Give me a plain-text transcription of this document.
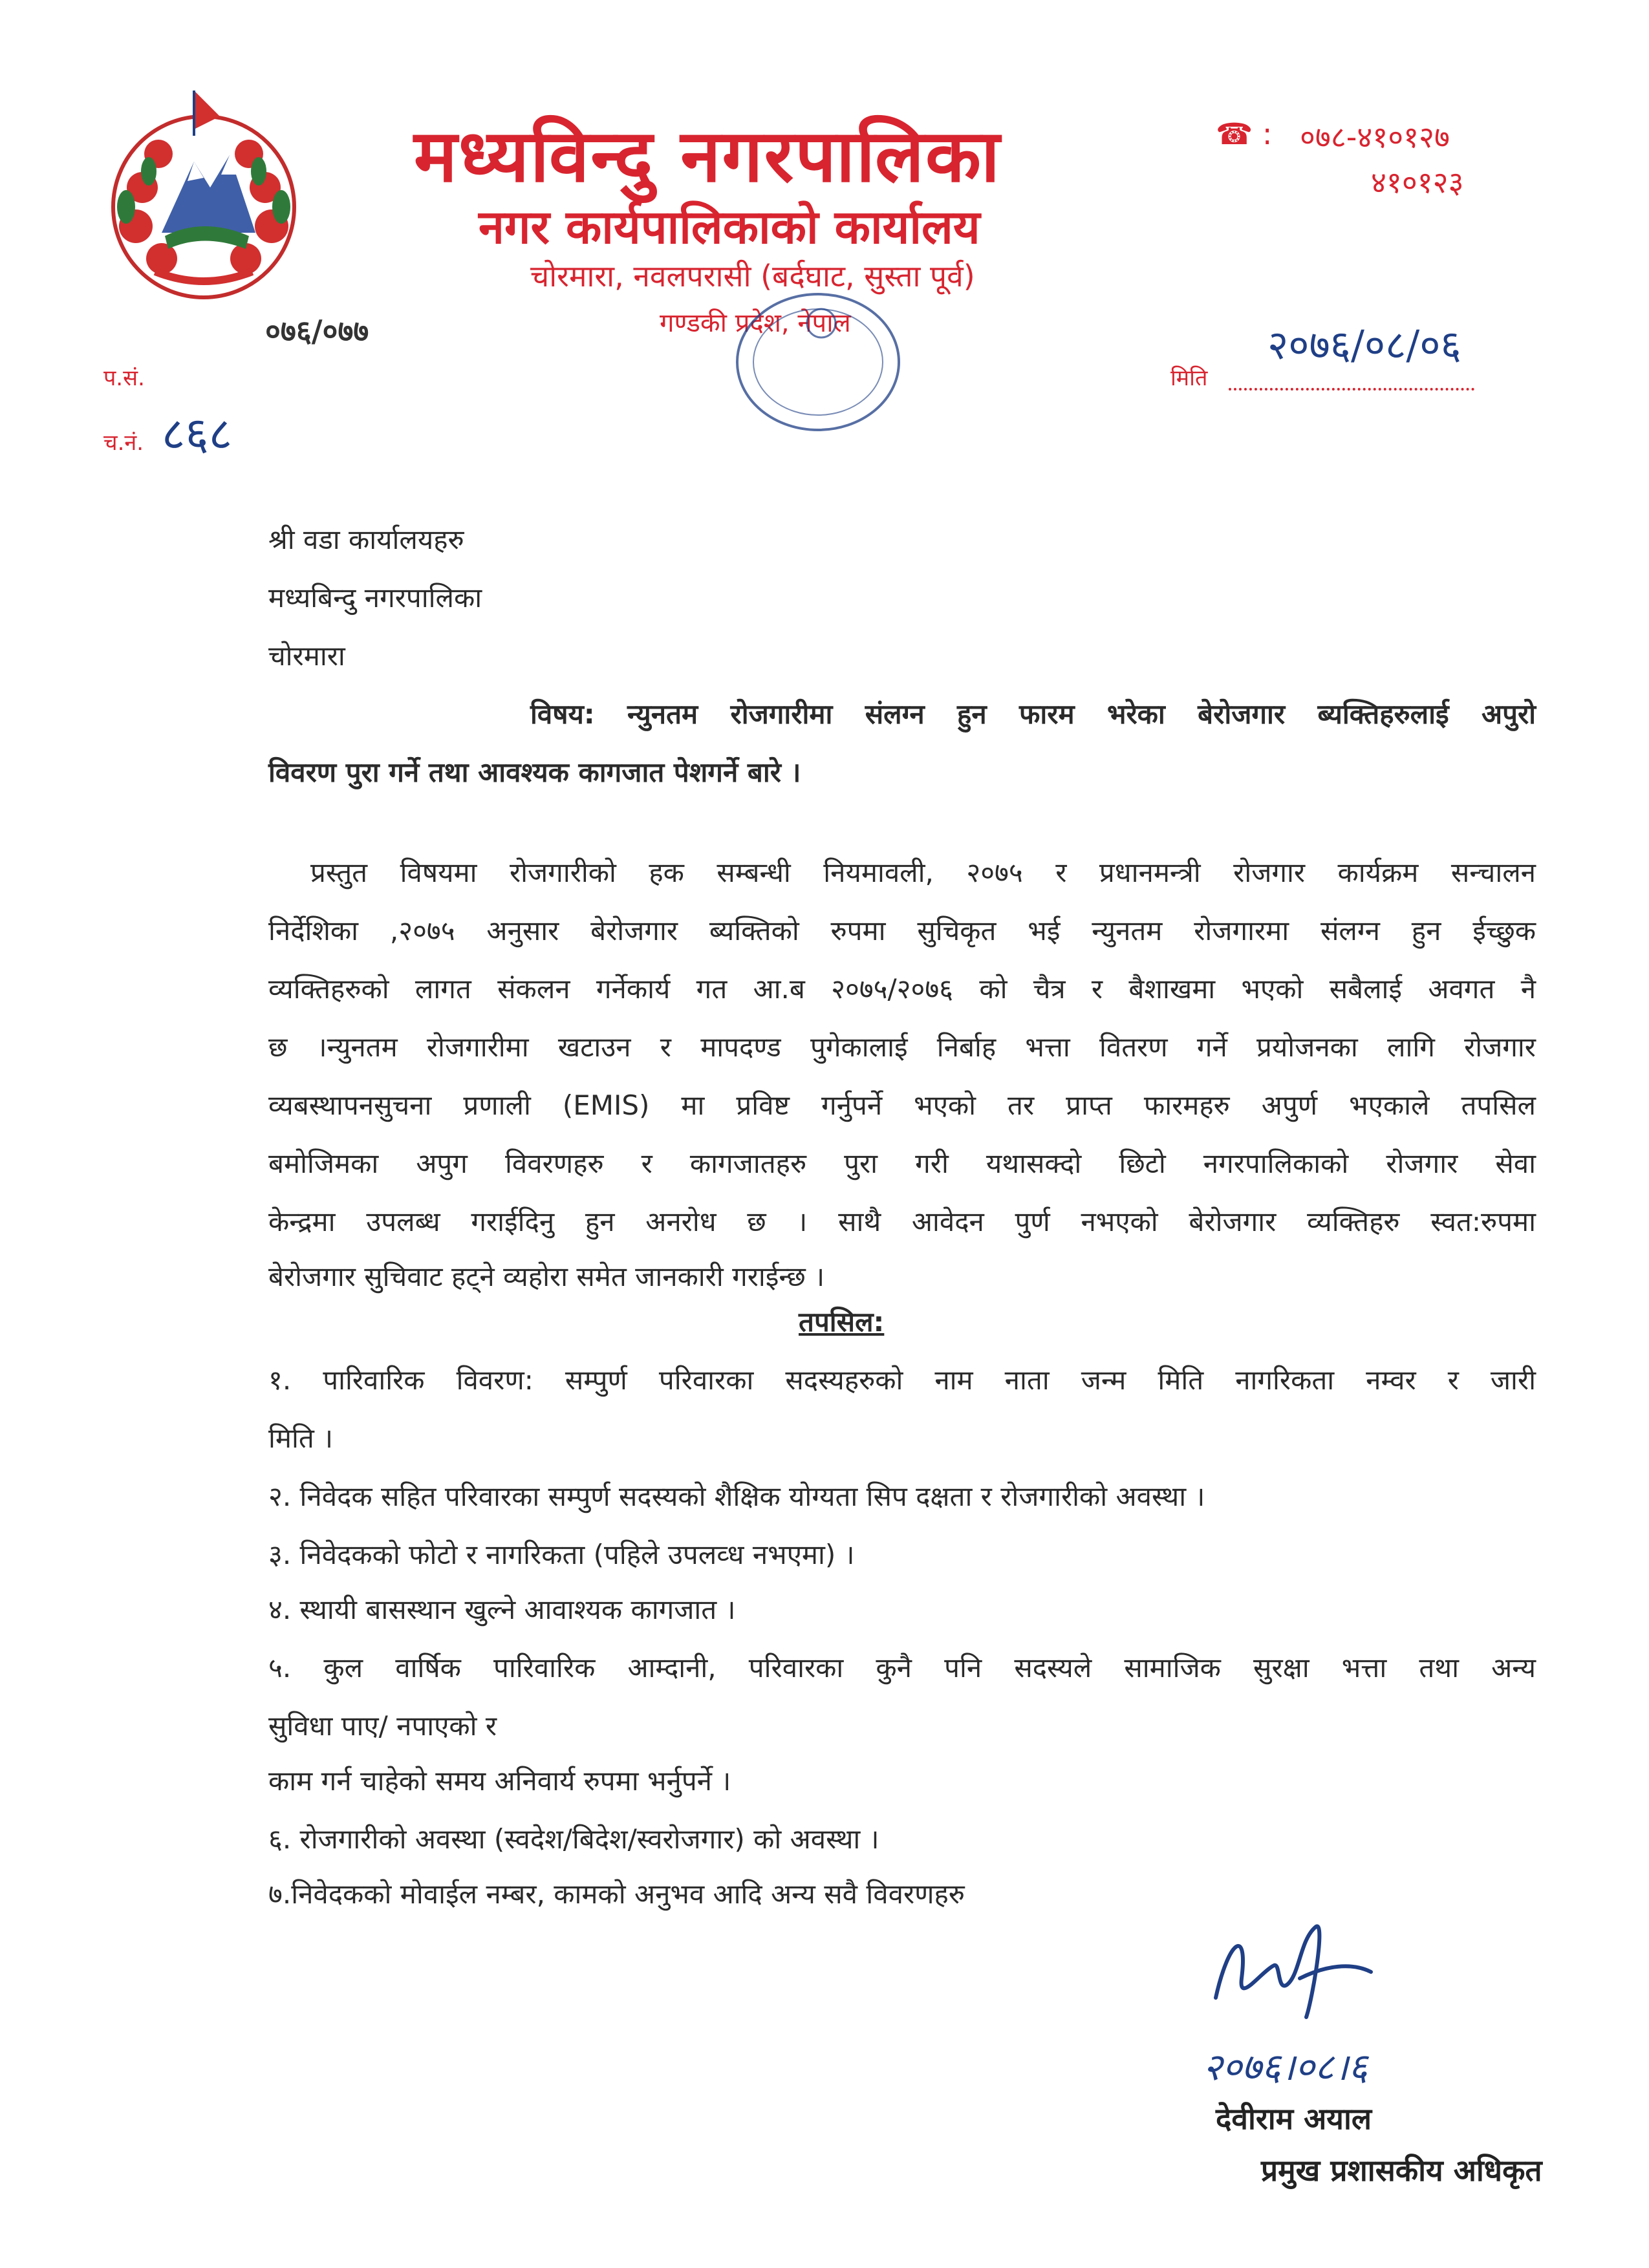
मध्यविन्दु नगरपालिका
नगर कार्यपालिकाको कार्यालय
चोरमारा, नवलपरासी (बर्दघाट, सुस्ता पूर्व)
गण्डकी प्रदेश, नेपाल
☎ : ०७८-४१०१२७
४१०१२३
०७६/०७७
प.सं.
च.नं. ८६८
मिति
२०७६/०८/०६
श्री वडा कार्यालयहरु
मध्यबिन्दु नगरपालिका
चोरमारा
विषय: न्युनतम रोजगारीमा संलग्न हुन फारम भरेका बेरोजगार ब्यक्तिहरुलाई अपुरो
विवरण पुरा गर्ने तथा आवश्यक कागजात पेशगर्ने बारे ।
प्रस्तुत विषयमा रोजगारीको हक सम्बन्धी नियमावली, २०७५ र प्रधानमन्त्री रोजगार कार्यक्रम सन्चालन
निर्देशिका ,२०७५ अनुसार बेरोजगार ब्यक्तिको रुपमा सुचिकृत भई न्युनतम रोजगारमा संलग्न हुन ईच्छुक
व्यक्तिहरुको लागत संकलन गर्नेकार्य गत आ.ब २०७५/२०७६ को चैत्र र बैशाखमा भएको सबैलाई अवगत नै
छ ।न्युनतम रोजगारीमा खटाउन र मापदण्ड पुगेकालाई निर्बाह भत्ता वितरण गर्ने प्रयोजनका लागि रोजगार
व्यबस्थापनसुचना प्रणाली (EMIS) मा प्रविष्ट गर्नुपर्ने भएको तर प्राप्त फारमहरु अपुर्ण भएकाले तपसिल
बमोजिमका अपुग विवरणहरु र कागजातहरु पुरा गरी यथासक्दो छिटो नगरपालिकाको रोजगार सेवा
केन्द्रमा उपलब्ध गराईदिनु हुन अनरोध छ । साथै आवेदन पुर्ण नभएको बेरोजगार व्यक्तिहरु स्वत:रुपमा
बेरोजगार सुचिवाट हट्ने व्यहोरा समेत जानकारी गराईन्छ ।
तपसिल:
१. पारिवारिक विवरण: सम्पुर्ण परिवारका सदस्यहरुको नाम नाता जन्म मिति नागरिकता नम्वर र जारी
मिति ।
२. निवेदक सहित परिवारका सम्पुर्ण सदस्यको शैक्षिक योग्यता सिप दक्षता र रोजगारीको अवस्था ।
३. निवेदकको फोटो र नागरिकता (पहिले उपलव्ध नभएमा) ।
४. स्थायी बासस्थान खुल्ने आवाश्यक कागजात ।
५. कुल वार्षिक पारिवारिक आम्दानी, परिवारका कुनै पनि सदस्यले सामाजिक सुरक्षा भत्ता तथा अन्य
सुविधा पाए/ नपाएको र
काम गर्न चाहेको समय अनिवार्य रुपमा भर्नुपर्ने ।
६. रोजगारीको अवस्था (स्वदेश/बिदेश/स्वरोजगार) को अवस्था ।
७.निवेदकको मोवाईल नम्बर, कामको अनुभव आदि अन्य सवै विवरणहरु
२०७६।०८।६
देवीराम अयाल
प्रमुख प्रशासकीय अधिकृत
